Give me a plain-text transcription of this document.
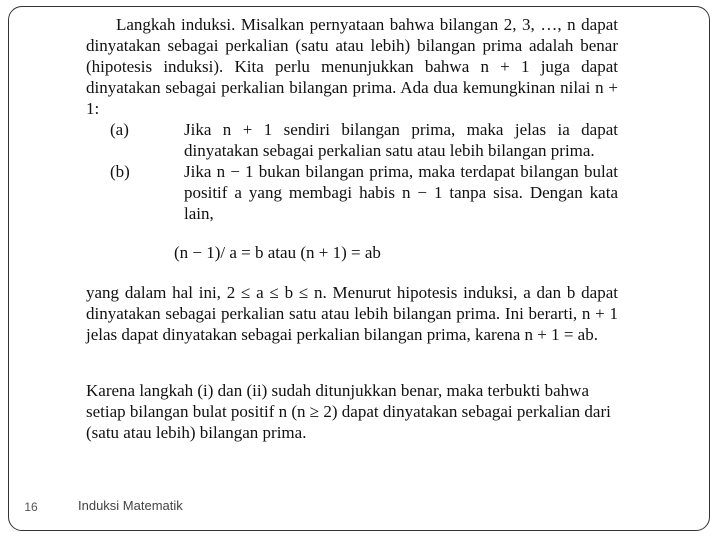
Langkah induksi. Misalkan pernyataan bahwa bilangan 2, 3, …, n dapat dinyatakan sebagai perkalian (satu atau lebih) bilangan prima adalah benar (hipotesis induksi). Kita perlu menunjukkan bahwa n + 1 juga dapat dinyatakan sebagai perkalian bilangan prima. Ada dua kemungkinan nilai n + 1:

(a)	Jika n + 1 sendiri bilangan prima, maka jelas ia dapat dinyatakan sebagai perkalian satu atau lebih bilangan prima.
(b)	Jika n − 1 bukan bilangan prima, maka terdapat bilangan bulat positif a yang membagi habis n − 1 tanpa sisa. Dengan kata lain,
(n − 1)/ a = b atau (n + 1) = ab

yang dalam hal ini, 2 ≤ a ≤ b ≤ n. Menurut hipotesis induksi, a dan b dapat dinyatakan sebagai perkalian satu atau lebih bilangan prima. Ini berarti, n + 1 jelas dapat dinyatakan sebagai perkalian bilangan prima, karena n + 1 = ab.

Karena langkah (i) dan (ii) sudah ditunjukkan benar, maka terbukti bahwa setiap bilangan bulat positif n (n ≥ 2) dapat dinyatakan sebagai perkalian dari (satu atau lebih) bilangan prima.

16	Induksi Matematik
